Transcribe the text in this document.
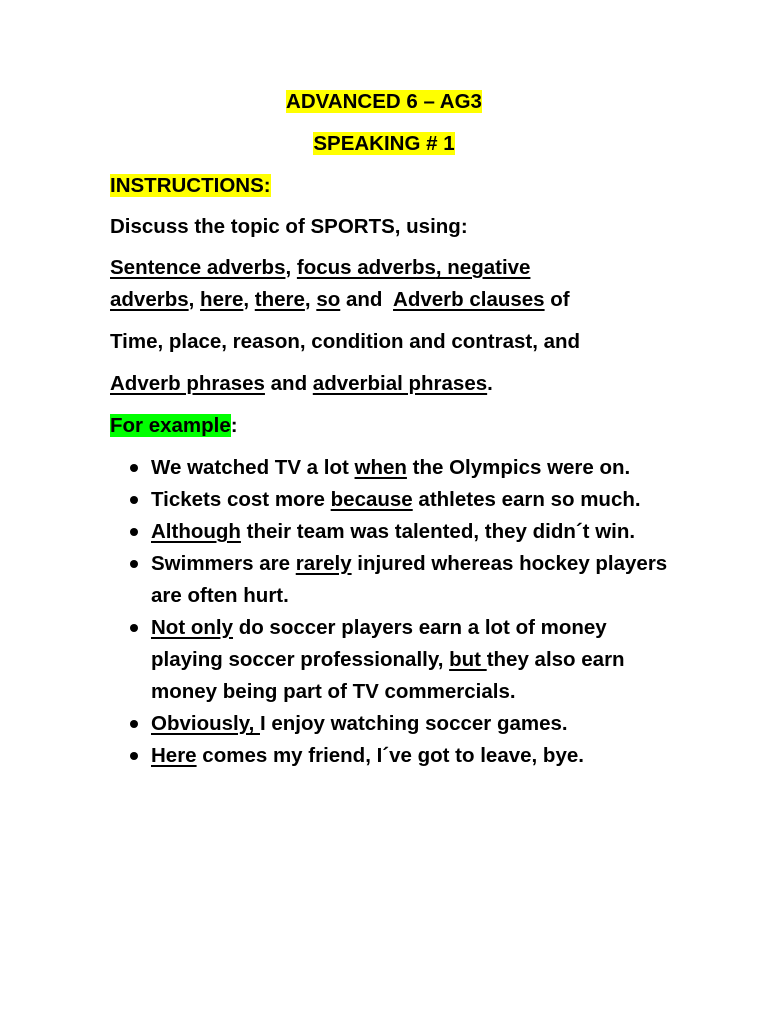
ADVANCED 6 – AG3
SPEAKING # 1
INSTRUCTIONS:
Discuss the topic of SPORTS, using:
Sentence adverbs, focus adverbs, negative
adverbs, here, there, so and  Adverb clauses of
Time, place, reason, condition and contrast, and
Adverb phrases and adverbial phrases.
For example:
We watched TV a lot when the Olympics were on.
Tickets cost more because athletes earn so much.
Although their team was talented, they didn´t win.
Swimmers are rarely injured whereas hockey players are often hurt.
Not only do soccer players earn a lot of money playing soccer professionally, but they also earn money being part of TV commercials.
Obviously, I enjoy watching soccer games.
Here comes my friend, I´ve got to leave, bye.
